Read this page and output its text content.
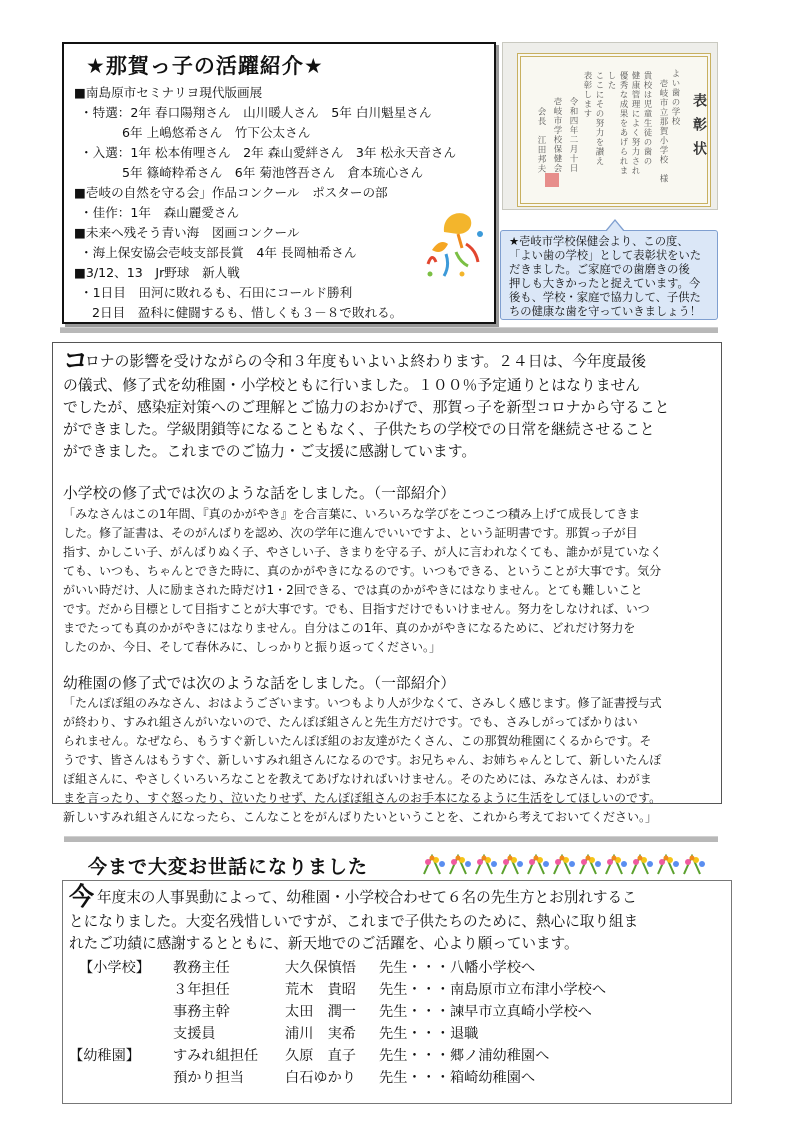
★那賀っ子の活躍紹介★
■南島原市セミナリヨ現代版画展
・特選：2年 春口陽翔さん　山川暖人さん　5年 白川魁星さん
6年 上嶋悠希さん　竹下公太さん
・入選：1年 松本侑哩さん　2年 森山愛絆さん　3年 松永天音さん
5年 篠崎粋希さん　6年 菊池啓吾さん　倉本琉心さん
■壱岐の自然を守る会」作品コンクール　ポスターの部
・佳作：1年　森山麗愛さん
■未来へ残そう青い海　図画コンクール
・海上保安協会壱岐支部長賞　4年 長岡柚希さん
■3/12、13　Jr野球　新人戦
・1日目　田河に敗れるも、石田にコールド勝利
2日目　盈科に健闘するも、惜しくも３－８で敗れる。
表彰状
よい歯の学校
壱岐市立那賀小学校　様
貴校は児童生徒の歯の
健康管理によく努力され
優秀な成果をあげられま
した
ここにその努力を讃え
表彰します
令和四年二月十日
壱岐市学校保健会
会長　江田邦夫
★壱岐市学校保健会より、この度、
「よい歯の学校」として表彰状をいた
だきました。ご家庭での歯磨きの後
押しも大きかったと捉えています。今
後も、学校・家庭で協力して、子供た
ちの健康な歯を守っていきましょう！
コ
ロナの影響を受けながらの令和３年度もいよいよ終わります。２４日は、今年度最後
の儀式、修了式を幼稚園・小学校ともに行いました。１００％予定通りとはなりません
でしたが、感染症対策へのご理解とご協力のおかげで、那賀っ子を新型コロナから守ること
ができました。学級閉鎖等になることもなく、子供たちの学校での日常を継続させること
ができました。これまでのご協力・ご支援に感謝しています。
小学校の修了式では次のような話をしました。（一部紹介）
「みなさんはこの1年間、『真のかがやき』を合言葉に、いろいろな学びをこつこつ積み上げて成長してきま
した。修了証書は、そのがんばりを認め、次の学年に進んでいいですよ、という証明書です。那賀っ子が目
指す、かしこい子、がんばりぬく子、やさしい子、きまりを守る子、が人に言われなくても、誰かが見ていなく
ても、いつも、ちゃんとできた時に、真のかがやきになるのです。いつもできる、ということが大事です。気分
がいい時だけ、人に励まされた時だけ1・2回できる、では真のかがやきにはなりません。とても難しいこと
です。だから目標として目指すことが大事です。でも、目指すだけでもいけません。努力をしなければ、いつ
までたっても真のかがやきにはなりません。自分はこの1年、真のかがやきになるために、どれだけ努力を
したのか、今日、そして春休みに、しっかりと振り返ってください。」
幼稚園の修了式では次のような話をしました。（一部紹介）
「たんぽぽ組のみなさん、おはようございます。いつもより人が少なくて、さみしく感じます。修了証書授与式
が終わり、すみれ組さんがいないので、たんぽぽ組さんと先生方だけです。でも、さみしがってばかりはい
られません。なぜなら、もうすぐ新しいたんぽぽ組のお友達がたくさん、この那賀幼稚園にくるからです。そ
うです、皆さんはもうすぐ、新しいすみれ組さんになるのです。お兄ちゃん、お姉ちゃんとして、新しいたんぽ
ぽ組さんに、やさしくいろいろなことを教えてあげなければいけません。そのためには、みなさんは、わがま
まを言ったり、すぐ怒ったり、泣いたりせず、たんぽぽ組さんのお手本になるように生活をしてほしいのです。
新しいすみれ組さんになったら、こんなことをがんばりたいということを、これから考えておいてください。」
今まで大変お世話になりました
今 年度末の人事異動によって、幼稚園・小学校合わせて６名の先生方とお別れするこ
とになりました。大変名残惜しいですが、これまで子供たちのために、熱心に取り組ま
れたご功績に感謝するとともに、新天地でのご活躍を、心より願っています。
【小学校】 教務主任	大久保慎悟 先生・・・八幡小学校へ
３年担任	荒木　貴昭 先生・・・南島原市立布津小学校へ
事務主幹	太田　潤一 先生・・・諫早市立真崎小学校へ
支援員	浦川　実希 先生・・・退職
【幼稚園】 すみれ組担任 久原　直子 先生・・・郷ノ浦幼稚園へ
預かり担当	白石ゆかり 先生・・・箱崎幼稚園へ
